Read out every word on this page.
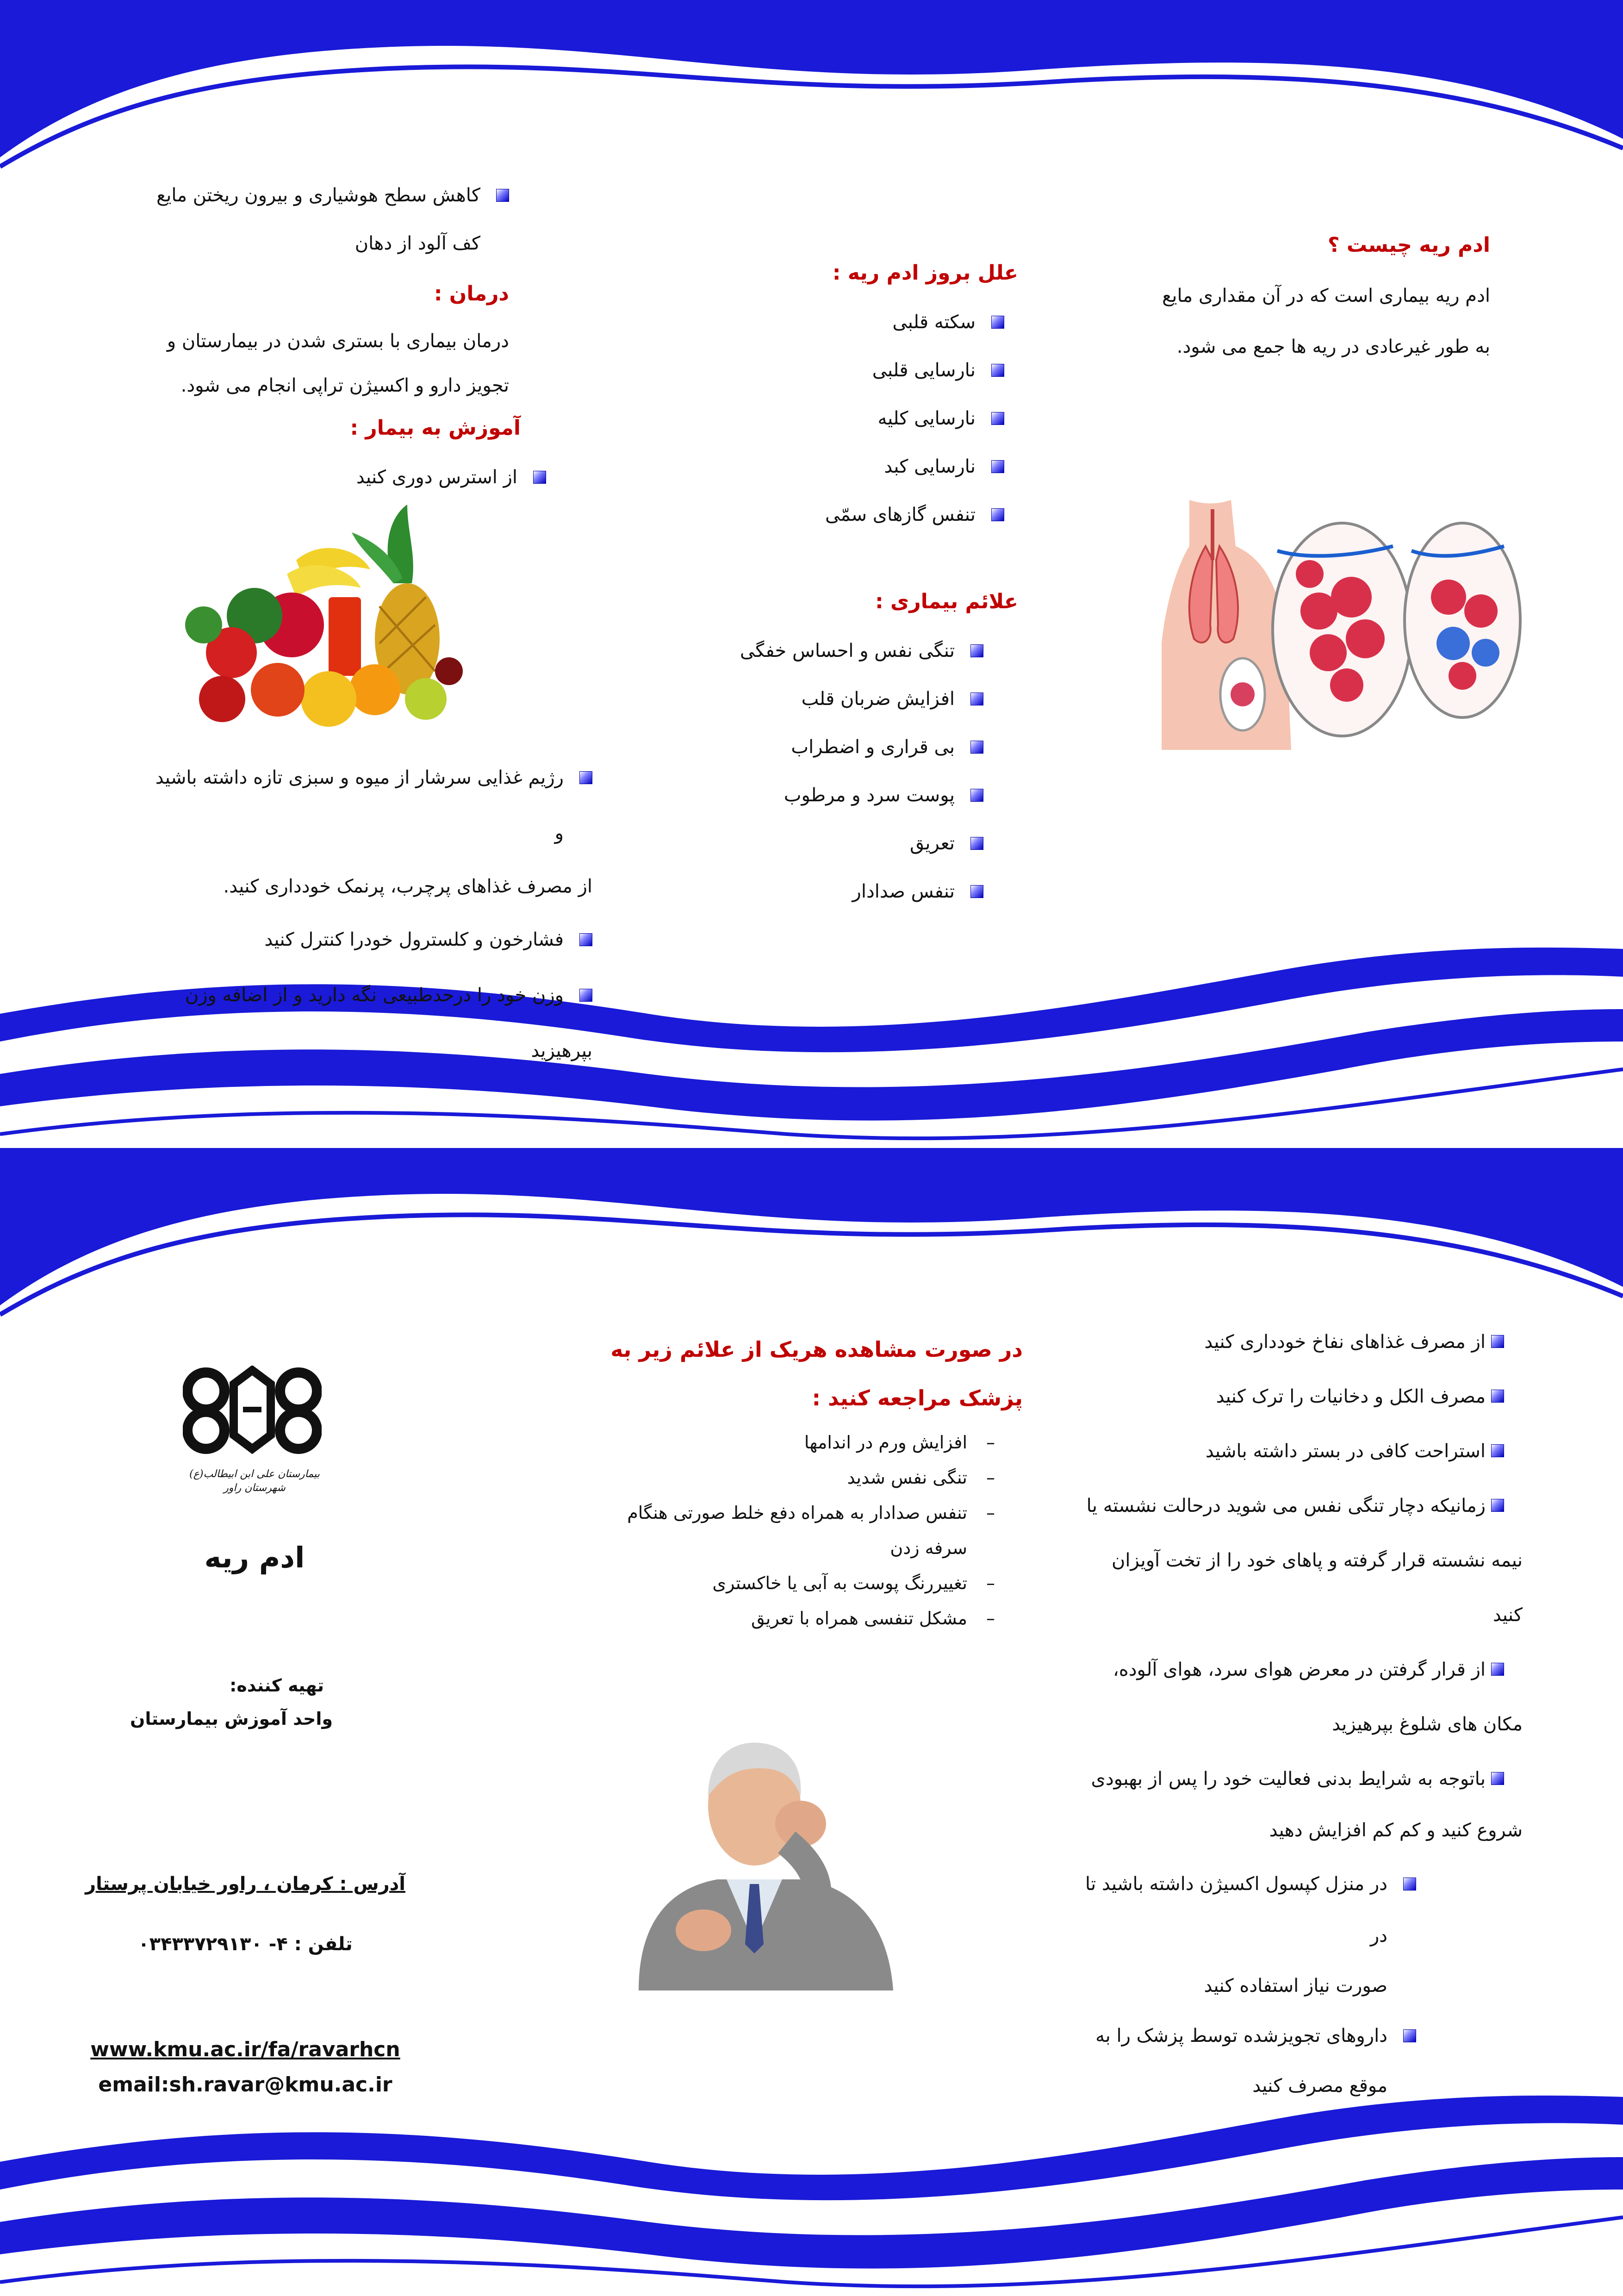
ادم ریه چیست ؟

ادم ریه بیماری است که در آن مقداری مایع

به طور غیرعادی در ریه ها جمع می شود.

علل بروز ادم ریه :
سکته قلبی
نارسایی قلبی
نارسایی کلیه
نارسایی کبد
تنفس گازهای سمّی
علائم بیماری :
تنگی نفس و احساس خفگی
افزایش ضربان قلب
بی قراری و اضطراب
پوست سرد و مرطوب
تعریق
تنفس صدادار
کاهش سطح هوشیاری و بیرون ریختن مایع
کف آلود از دهان
درمان :

درمان بیماری با بستری شدن در بیمارستان و

تجویز دارو و اکسیژن تراپی انجام می شود.

آموزش به بیمار :
از استرس دوری کنید
رژیم غذایی سرشار از میوه و سبزی تازه داشته باشید و
از مصرف غذاهای پرچرب، پرنمک خودداری کنید.
فشارخون و کلسترول خودرا کنترل کنید
وزن خود را درحدطبیعی نگه دارید و از اضافه وزن
بپرهیزید
از مصرف غذاهای نفاخ خودداری کنید
مصرف الکل و دخانیات را ترک کنید
استراحت کافی در بستر داشته باشید
زمانیکه دچار تنگی نفس می شوید درحالت نشسته یا
نیمه نشسته قرار گرفته و پاهای خود را از تخت آویزان کنید
از قرار گرفتن در معرض هوای سرد، هوای آلوده،
مکان های شلوغ بپرهیزید
باتوجه به شرایط بدنی فعالیت خود را پس از بهبودی
شروع کنید و کم کم افزایش دهید
در منزل کپسول اکسیژن داشته باشید تا در
صورت نیاز استفاده کنید
داروهای تجویزشده توسط پزشک را به
موقع مصرف کنید
در صورت مشاهده هریک از علائم زیر به
پزشک مراجعه کنید :
–
افزایش ورم در اندامها
–
تنگی نفس شدید
–
تنفس صدادار به همراه دفع خلط صورتی هنگام
سرفه زدن
–
تغییررنگ پوست به آبی یا خاکستری
–
مشکل تنفسی همراه با تعریق
بیمارستان علی ابن ابیطالب(ع) شهرستان راور
ادم ریه
تهیه کننده:
واحد آموزش بیمارستان
آدرس : کرمان ، راور خیابان پرستار
تلفن : ۴- ۰۳۴۳۳۷۲۹۱۳۰
www.kmu.ac.ir/fa/ravarhcn
email:sh.ravar@kmu.ac.ir
